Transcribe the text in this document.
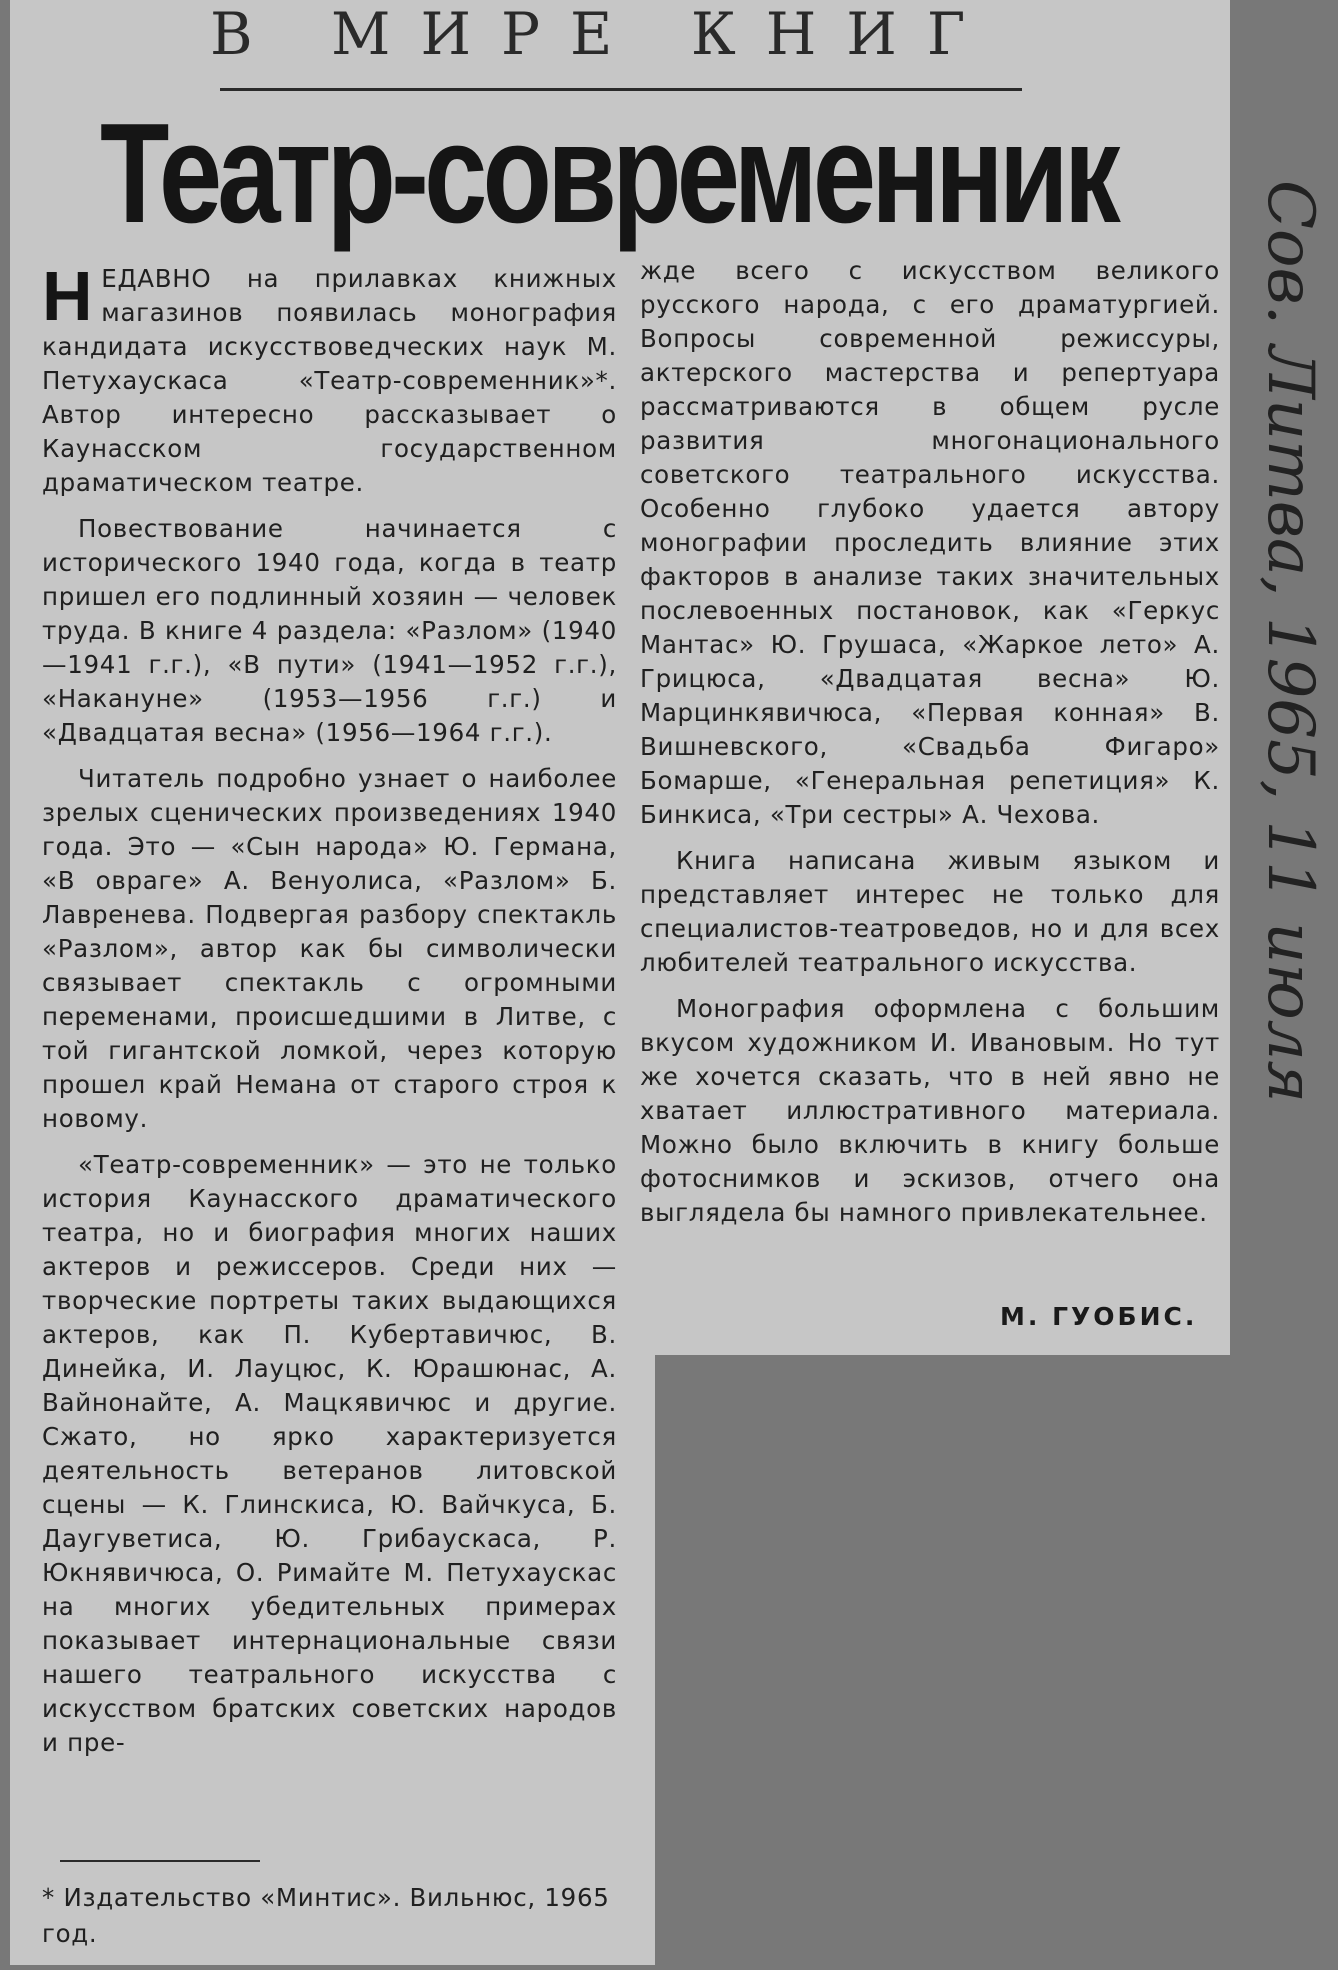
В МИРЕ КНИГ
Театр-современник

НЕДАВНО на прилавках книжных магазинов появилась монография кандидата искусствоведческих наук М. Петухаускаса «Театр-современник»*. Автор интересно рассказывает о Каунасском государственном драматическом театре.

Повествование начинается с исторического 1940 года, когда в театр пришел его подлинный хозяин — человек труда. В книге 4 раздела: «Разлом» (1940—1941 г.г.), «В пути» (1941—1952 г.г.), «Накануне» (1953—1956 г.г.) и «Двадцатая весна» (1956—1964 г.г.).

Читатель подробно узнает о наиболее зрелых сценических произведениях 1940 года. Это — «Сын народа» Ю. Германа, «В овраге» А. Венуолиса, «Разлом» Б. Лавренева. Подвергая разбору спектакль «Разлом», автор как бы символически связывает спектакль с огромными переменами, происшедшими в Литве, с той гигантской ломкой, через которую прошел край Немана от старого строя к новому.

«Театр-современник» — это не только история Каунасского драматического театра, но и биография многих наших актеров и режиссеров. Среди них — творческие портреты таких выдающихся актеров, как П. Кубертавичюс, В. Динейка, И. Лауцюс, К. Юрашюнас, А. Вайнонайте, А. Мацкявичюс и другие. Сжато, но ярко характеризуется деятельность ветеранов литовской сцены — К. Глинскиса, Ю. Вайчкуса, Б. Даугуветиса, Ю. Грибаускаса, Р. Юкнявичюса, О. Римайте М. Петухаускас на многих убедительных примерах показывает интернациональные связи нашего театрального искусства с искусством братских советских народов и пре-

жде всего с искусством великого русского народа, с его драматургией. Вопросы современной режиссуры, актерского мастерства и репертуара рассматриваются в общем русле развития многонационального советского театрального искусства. Особенно глубоко удается автору монографии проследить влияние этих факторов в анализе таких значительных послевоенных постановок, как «Геркус Мантас» Ю. Грушаса, «Жаркое лето» А. Грицюса, «Двадцатая весна» Ю. Марцинкявичюса, «Первая конная» В. Вишневского, «Свадьба Фигаро» Бомарше, «Генеральная репетиция» К. Бинкиса, «Три сестры» А. Чехова.

Книга написана живым языком и представляет интерес не только для специалистов-театроведов, но и для всех любителей театрального искусства.

Монография оформлена с большим вкусом художником И. Ивановым. Но тут же хочется сказать, что в ней явно не хватает иллюстративного материала. Можно было включить в книгу больше фотоснимков и эскизов, отчего она выглядела бы намного привлекательнее.

М. ГУОБИС.
* Издательство «Минтис». Вильнюс, 1965 год.
Сов. Литва, 1965, 11 июля
